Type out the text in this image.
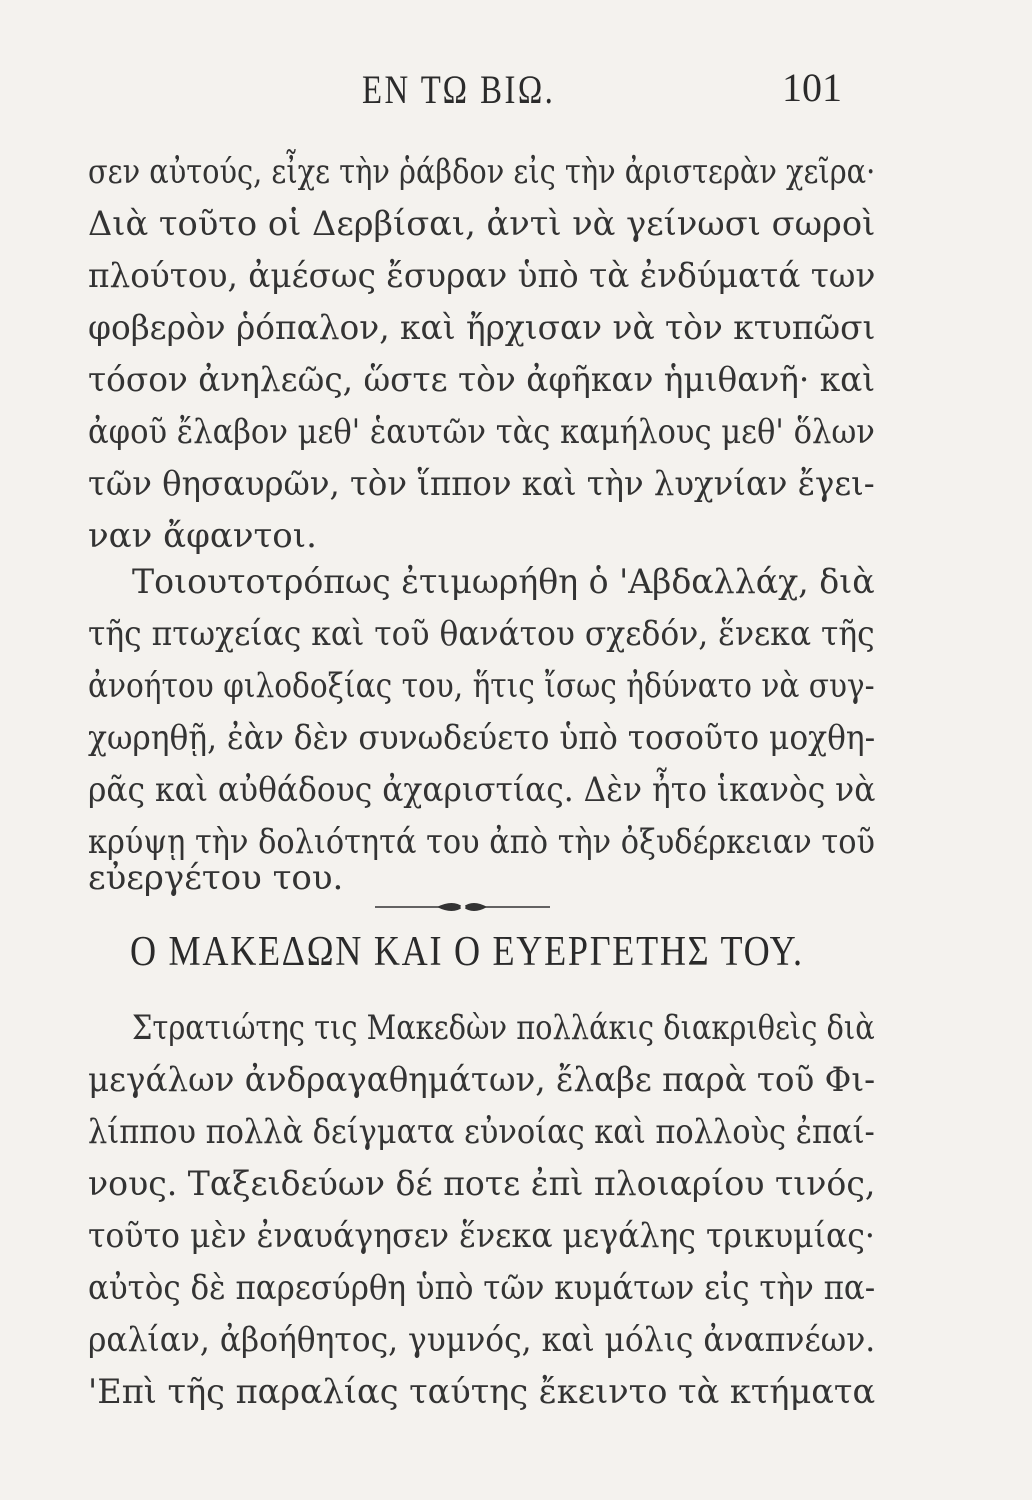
ΕΝ ΤΩ ΒΙΩ.	101
σεν αὐτούς, εἶχε τὴν ῥάβδον εἰς τὴν ἀριστερὰν χεῖρα·
Διὰ τοῦτο οἱ Δερβίσαι, ἀντὶ νὰ γείνωσι σωροὶ
πλούτου, ἀμέσως ἔσυραν ὑπὸ τὰ ἐνδύματά των
φοβερὸν ῥόπαλον, καὶ ἤρχισαν νὰ τὸν κτυπῶσι
τόσον ἀνηλεῶς, ὥστε τὸν ἀφῆκαν ἡμιθανῆ· καὶ
ἀφοῦ ἔλαβον μεθ' ἑαυτῶν τὰς καμήλους μεθ' ὅλων
τῶν θησαυρῶν, τὸν ἵππον καὶ τὴν λυχνίαν ἔγει-
ναν ἄφαντοι.
Τοιουτοτρόπως ἐτιμωρήθη ὁ 'Αβδαλλάχ, διὰ
τῆς πτωχείας καὶ τοῦ θανάτου σχεδόν, ἕνεκα τῆς
ἀνοήτου φιλοδοξίας του, ἥτις ἴσως ἠδύνατο νὰ συγ-
χωρηθῇ, ἐὰν δὲν συνωδεύετο ὑπὸ τοσοῦτο μοχθη-
ρᾶς καὶ αὐθάδους ἀχαριστίας. Δὲν ἦτο ἱκανὸς νὰ
κρύψῃ τὴν δολιότητά του ἀπὸ τὴν ὀξυδέρκειαν τοῦ
εὐεργέτου του.
Ο ΜΑΚΕΔΩΝ ΚΑΙ Ο ΕΥΕΡΓΕΤΗΣ ΤΟΥ.
Στρατιώτης τις Μακεδὼν πολλάκις διακριθεὶς διὰ
μεγάλων ἀνδραγαθημάτων, ἔλαβε παρὰ τοῦ Φι-
λίππου πολλὰ δείγματα εὐνοίας καὶ πολλοὺς ἐπαί-
νους. Ταξειδεύων δέ ποτε ἐπὶ πλοιαρίου τινός,
τοῦτο μὲν ἐναυάγησεν ἕνεκα μεγάλης τρικυμίας·
αὐτὸς δὲ παρεσύρθη ὑπὸ τῶν κυμάτων εἰς τὴν πα-
ραλίαν, ἀβοήθητος, γυμνός, καὶ μόλις ἀναπνέων.
'Επὶ τῆς παραλίας ταύτης ἔκειντο τὰ κτήματα
